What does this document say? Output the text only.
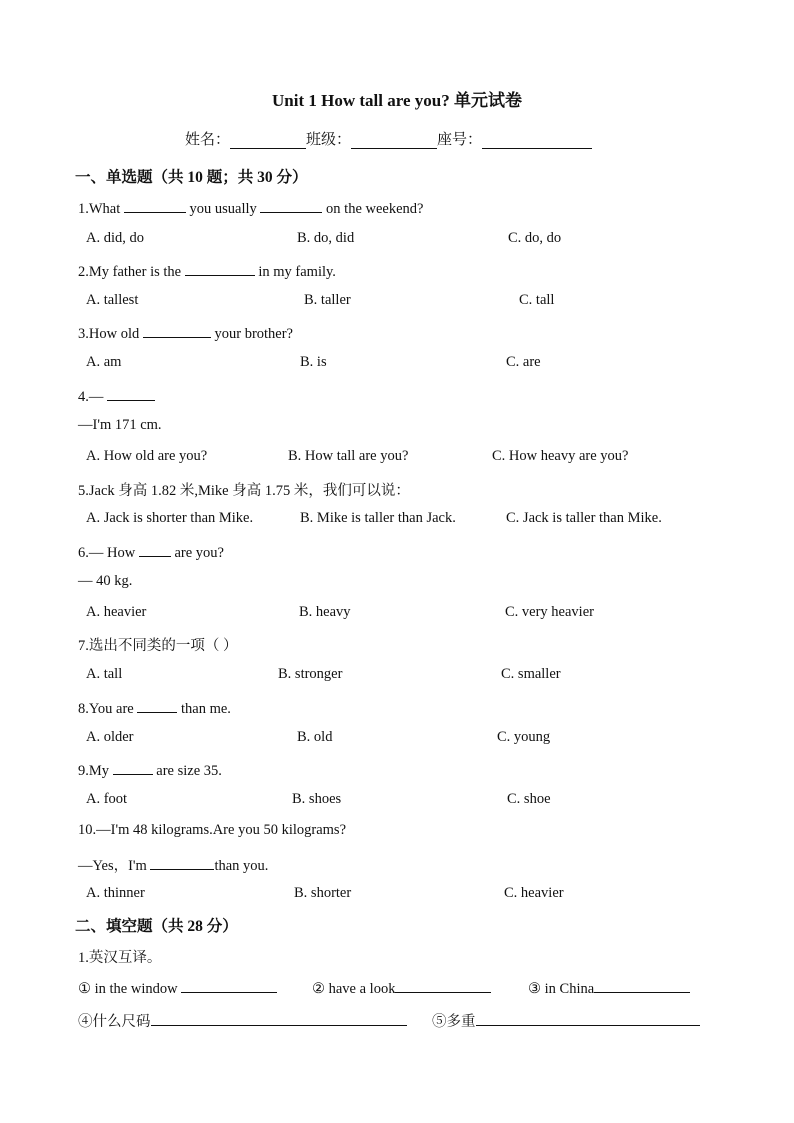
Unit 1 How tall are you? 单元试卷
姓名：	班级：	座号：
一、单选题（共 10 题；共 30 分）
1.What	you usually	on the weekend?
A. did, do	B. do, did	C. do, do
2.My father is the	in my family.
A. tallest	B. taller	C. tall
3.How old	your brother?
A. am	B. is	C. are
4.—
—I'm 171 cm.
A. How old are you?	B. How tall are you?	C. How heavy are you?
5.Jack 身高 1.82 米,Mike 身高 1.75 米，我们可以说：
A. Jack is shorter than Mike.	B. Mike is taller than Jack.	C. Jack is taller than Mike.
6.— How  are you?
— 40 kg.
A. heavier	B. heavy	C. very heavier
7.选出不同类的一项（ ）
A. tall	B. stronger	C. smaller
8.You are	than me.
A. older	B. old	C. young
9.My	are size 35.
A. foot	B. shoes	C. shoe
10.—I'm 48 kilograms.Are you 50 kilograms?
—Yes，I'm	than you.
A. thinner	B. shorter	C. heavier
二、填空题（共 28 分）
1.英汉互译。
① in the window	② have a look	③ in China
④什么尺码	⑤多重
